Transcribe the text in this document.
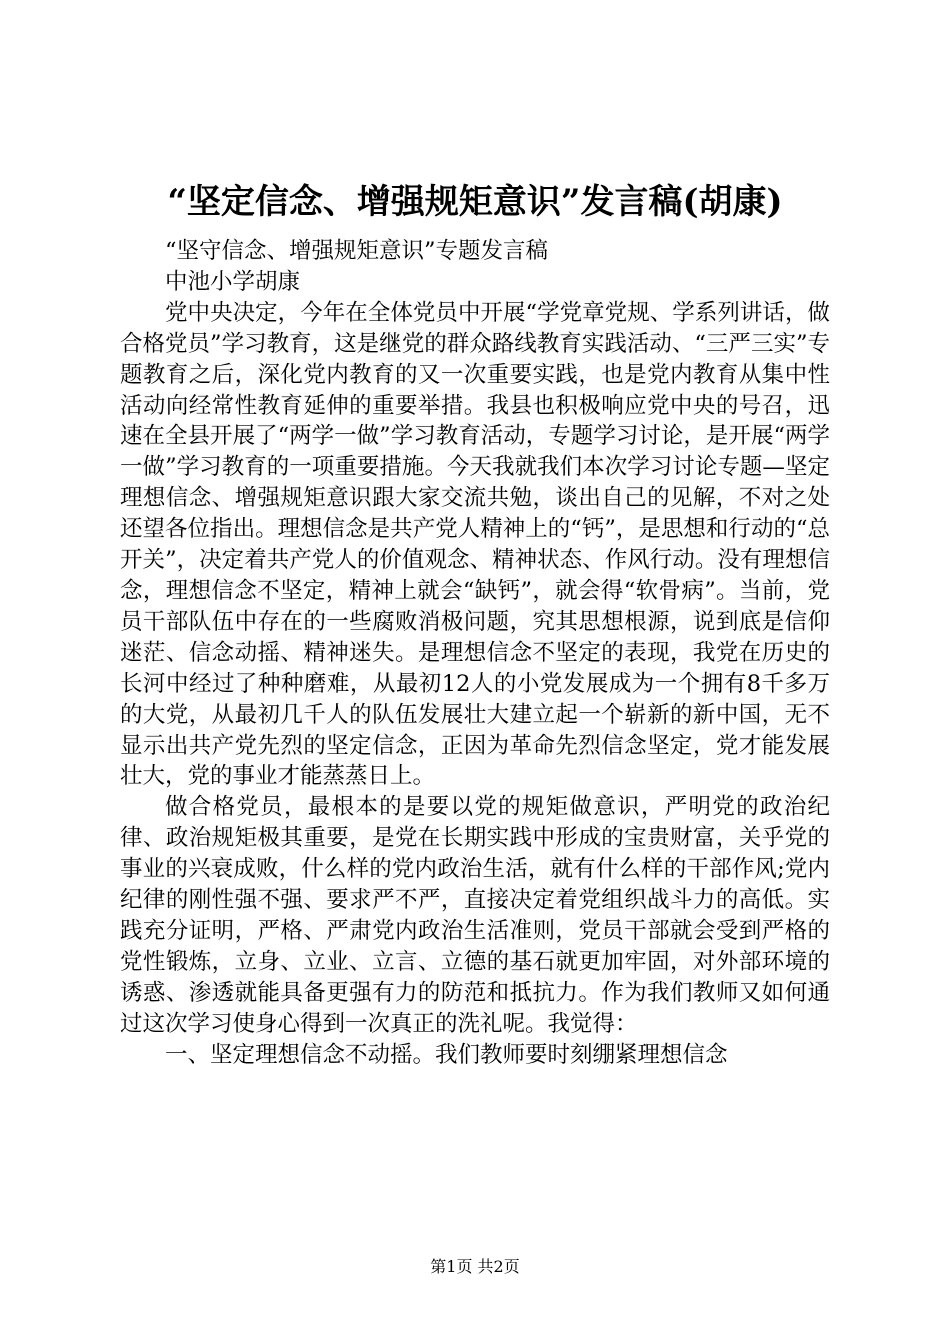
“坚定信念、增强规矩意识”发言稿(胡康)

“坚守信念、增强规矩意识”专题发言稿

中池小学胡康

党中央决定，今年在全体党员中开展“学党章党规、学系列讲话，做合格党员”学习教育，这是继党的群众路线教育实践活动、“三严三实”专题教育之后，深化党内教育的又一次重要实践，也是党内教育从集中性活动向经常性教育延伸的重要举措。我县也积极响应党中央的号召，迅速在全县开展了“两学一做”学习教育活动，专题学习讨论，是开展“两学一做”学习教育的一项重要措施。今天我就我们本次学习讨论专题—坚定理想信念、增强规矩意识跟大家交流共勉，谈出自己的见解，不对之处还望各位指出。理想信念是共产党人精神上的“钙”，是思想和行动的“总开关”，决定着共产党人的价值观念、精神状态、作风行动。没有理想信念，理想信念不坚定，精神上就会“缺钙”，就会得“软骨病”。当前，党员干部队伍中存在的一些腐败消极问题，究其思想根源，说到底是信仰迷茫、信念动摇、精神迷失。是理想信念不坚定的表现，我党在历史的长河中经过了种种磨难，从最初12人的小党发展成为一个拥有8千多万的大党，从最初几千人的队伍发展壮大建立起一个崭新的新中国，无不显示出共产党先烈的坚定信念，正因为革命先烈信念坚定，党才能发展壮大，党的事业才能蒸蒸日上。

做合格党员，最根本的是要以党的规矩做意识，严明党的政治纪律、政治规矩极其重要，是党在长期实践中形成的宝贵财富，关乎党的事业的兴衰成败，什么样的党内政治生活，就有什么样的干部作风;党内纪律的刚性强不强、要求严不严，直接决定着党组织战斗力的高低。实践充分证明，严格、严肃党内政治生活准则，党员干部就会受到严格的党性锻炼，立身、立业、立言、立德的基石就更加牢固，对外部环境的诱惑、渗透就能具备更强有力的防范和抵抗力。作为我们教师又如何通过这次学习使身心得到一次真正的洗礼呢。我觉得：

一、坚定理想信念不动摇。我们教师要时刻绷紧理想信念

第1页 共2页
